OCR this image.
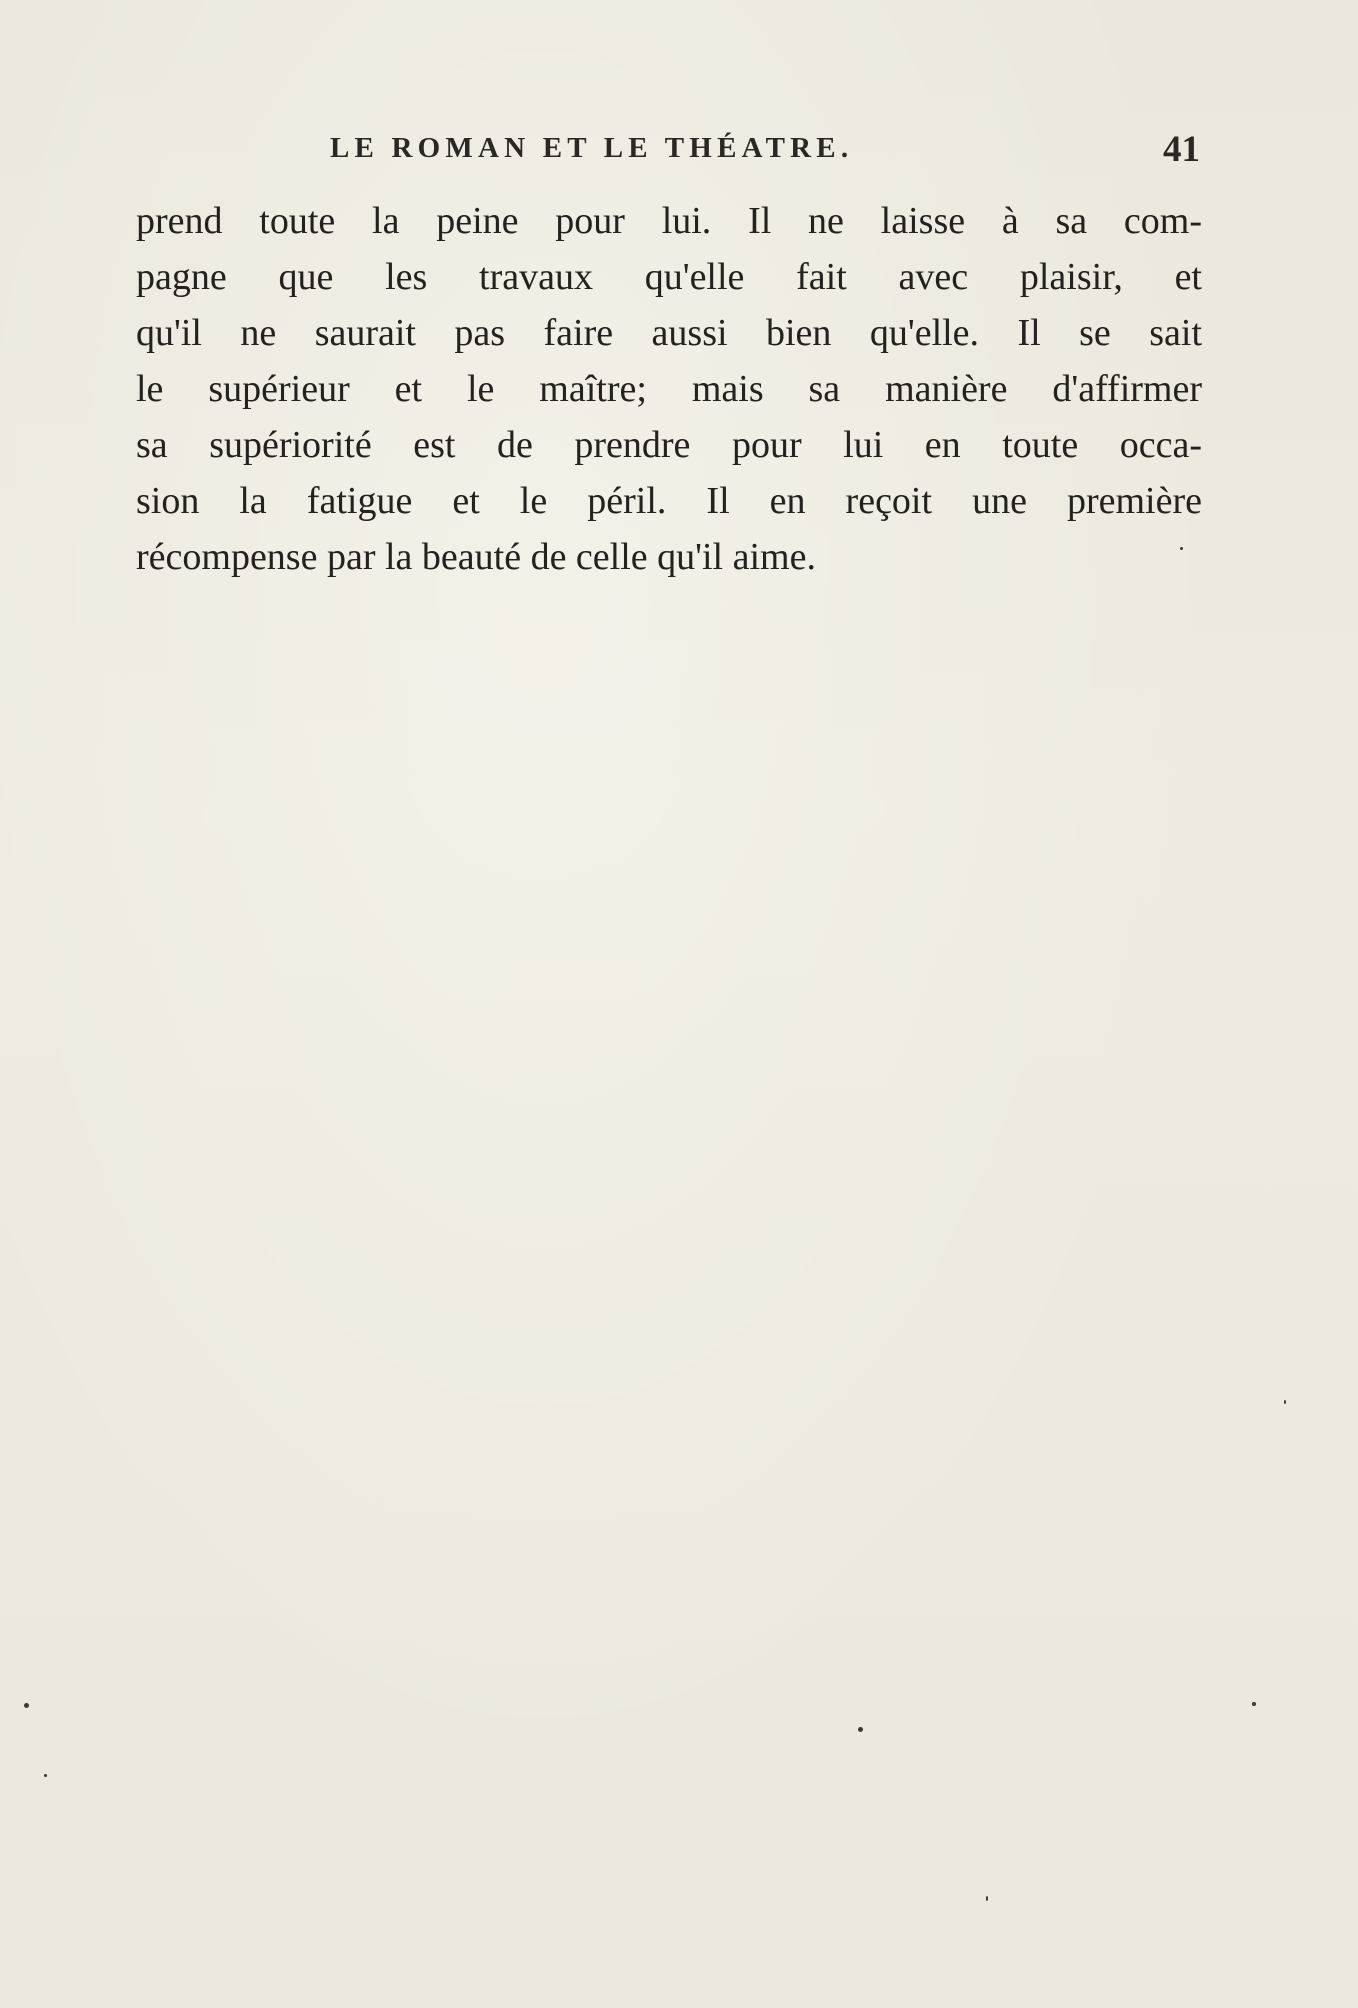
LE ROMAN ET LE THÉATRE.	41
prend toute la peine pour lui. Il ne laisse à sa com-
pagne que les travaux qu'elle fait avec plaisir, et
qu'il ne saurait pas faire aussi bien qu'elle. Il se sait
le supérieur et le maître; mais sa manière d'affirmer
sa supériorité est de prendre pour lui en toute occa-
sion la fatigue et le péril. Il en reçoit une première
récompense par la beauté de celle qu'il aime.
